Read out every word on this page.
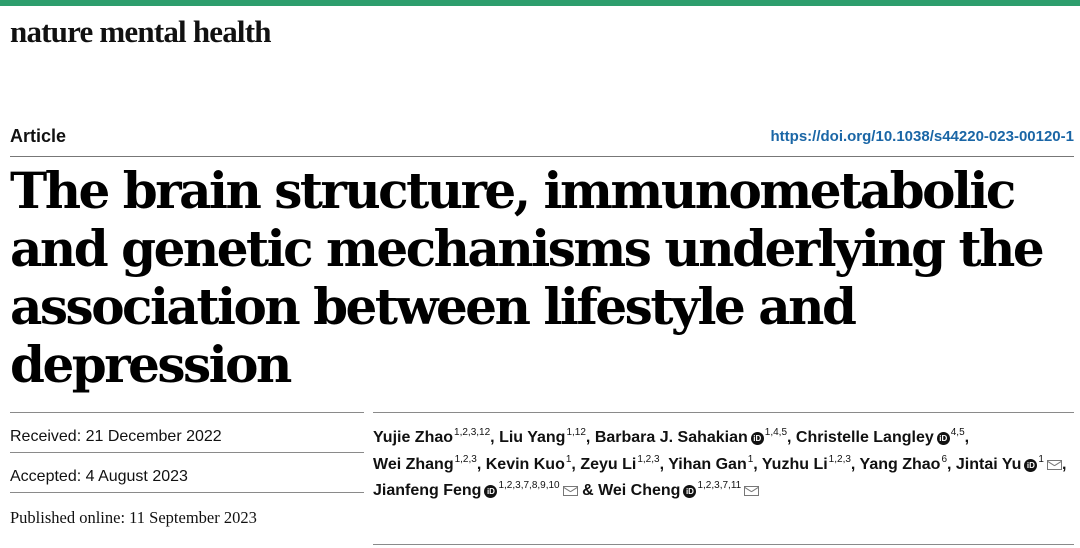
nature mental health
Article	https://doi.org/10.1038/s44220-023-00120-1
The brain structure, immunometabolic and genetic mechanisms underlying the association between lifestyle and depression
Received: 21 December 2022
Accepted: 4 August 2023
Published online: 11 September 2023
Yujie Zhao$^{1,2,3,12}$, Liu Yang$^{1,12}$, Barbara J. Sahakian iD$^{1,4,5}$, Christelle Langley iD$^{4,5}$, Wei Zhang$^{1,2,3}$, Kevin Kuo$^1$, Zeyu Li$^{1,2,3}$, Yihan Gan$^1$, Yuzhu Li$^{1,2,3}$, Yang Zhao$^6$, Jintai Yu $iD^1$ , Jianfeng Feng iD$^{1,2,3,7,8,9,10}$ & Wei Cheng iD$^{1,2,3,7,11}$
